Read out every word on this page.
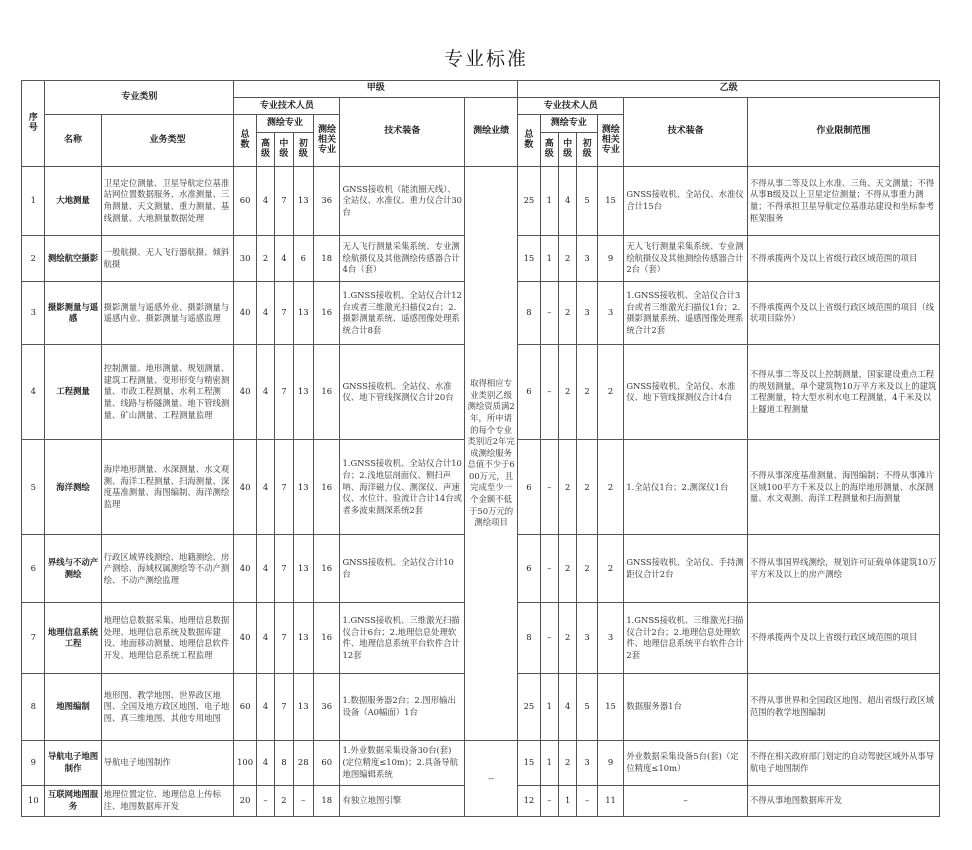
专业标准
序号	专业类别		甲级							乙级						
			专业技术人员					技术装备	测绘业绩	专业技术人员					技术装备	作业限制范围
	名称	业务类型	总数	测绘专业			测绘相关专业			总数	测绘专业			测绘相关专业		
				高级	中级	初级					高级	中级	初级			
1	大地测量	卫星定位测量、卫星导航定位基准站网位置数据服务、水准测量、三角测量、天文测量、重力测量、基线测量、大地测量数据处理	60	4	7	13	36	GNSS接收机（能流圈天线）、全站仪、水准仪、重力仪合计30台	取得相应专业类别乙级测绘资质满2年，所申请的每个专业类别近2年完成测绘服务总值不少于600万元，且完成至少一个金额不低于50万元的测绘项目	25	1	4	5	15	GNSS接收机、全站仪、水准仪合计15台	不得从事二等及以上水准、三角、天文测量；不得从事B级及以上卫星定位测量；不得从事重力测量；不得承担卫星导航定位基准站建设和坐标参考框架服务
2	测绘航空摄影	一般航摄、无人飞行器航摄、倾斜航摄	30	2	4	6	18	无人飞行测量采集系统、专业测绘航摄仪及其他测绘传感器合计4台（套）		15	1	2	3	9	无人飞行测量采集系统、专业测绘航摄仪及其他测绘传感器合计2台（套）	不得承揽两个及以上省级行政区域范围的项目
3	摄影测量与遥感	摄影测量与遥感外业、摄影测量与遥感内业、摄影测量与遥感监理	40	4	7	13	16	1.GNSS接收机、全站仪合计12台或者三维激光扫描仪2台；2.摄影测量系统、遥感图像处理系统合计8套		8	–	2	3	3	1.GNSS接收机、全站仪合计3台或者三维激光扫描仪1台；2.摄影测量系统、遥感图像处理系统合计2套	不得承揽两个及以上省级行政区域范围的项目（线状项目除外）
4	工程测量	控制测量、地形测量、规划测量、建筑工程测量、变形形变与精密测量、市政工程测量、水利工程测量、线路与桥隧测量、地下管线测量、矿山测量、工程测量监理	40	4	7	13	16	GNSS接收机、全站仪、水准仪、地下管线探测仪合计20台		6	–	2	2	2	GNSS接收机、全站仪、水准仪、地下管线探测仪合计4台	不得从事二等及以上控制测量，国家建设重点工程的规划测量，单个建筑物10万平方米及以上的建筑工程测量，特大型水利水电工程测量，4千米及以上隧道工程测量
5	海洋测绘	海岸地形测量、水深测量、水文观测、海洋工程测量、扫海测量、深度基准测量、海图编制、海洋测绘监理	40	4	7	13	16	1.GNSS接收机、全站仪合计10台；2.浅地层剖面仪、侧扫声呐、海洋磁力仪、测深仪、声速仪、水位计、验流计合计14台或者多波束测深系统2套		6	–	2	2	2	1.全站仪1台；2.测深仪1台	不得从事深度基准测量、海图编制；不得从事滩片区域100平方千米及以上的海岸地形测量、水深测量、水文观测、海洋工程测量和扫海测量
6	界线与不动产测绘	行政区域界线测绘、地籍测绘、房产测绘、海域权属测绘等不动产测绘、不动产测绘监理	40	4	7	13	16	GNSS接收机、全站仪合计10台		6	–	2	2	2	GNSS接收机、全站仪、手持测距仪合计2台	不得从事国界线测绘，规划许可证载单体建筑10万平方米及以上的房产测绘
7	地理信息系统工程	地理信息数据采集、地理信息数据处理、地理信息系统及数据库建设、地面移动测量、地理信息软件开发、地理信息系统工程监理	40	4	7	13	16	1.GNSS接收机、三维激光扫描仪合计6台；2.地理信息处理软件、地理信息系统平台软件合计12套		8	–	2	3	3	1.GNSS接收机、三维激光扫描仪合计2台；2.地理信息处理软件、地理信息系统平台软件合计2套	不得承揽两个及以上省级行政区域范围的项目
8	地图编制	地形图、教学地图、世界政区地图、全国及地方政区地图、电子地图、真三维地图、其他专用地图	60	4	7	13	36	1.数据服务器2台；2.图形输出设备（A0幅面）1台		25	1	4	5	15	数据服务器1台	不得从事世界和全国政区地图、超出省级行政区域范围的教学地图编制
9	导航电子地图制作	导航电子地图制作	100	4	8	28	60	1.外业数据采集设备30台(套)(定位精度≤10m)；2.具备导航地图编辑系统	--	15	1	2	3	9	外业数据采集设备5台(套)（定位精度≤10m）	不得在相关政府部门划定的自动驾驶区域外从事导航电子地图制作
10	互联网地图服务	地理位置定位、地理信息上传标注、地图数据库开发	20	–	2	–	18	有独立地图引擎		12	–	1	–	11	–	不得从事地图数据库开发
